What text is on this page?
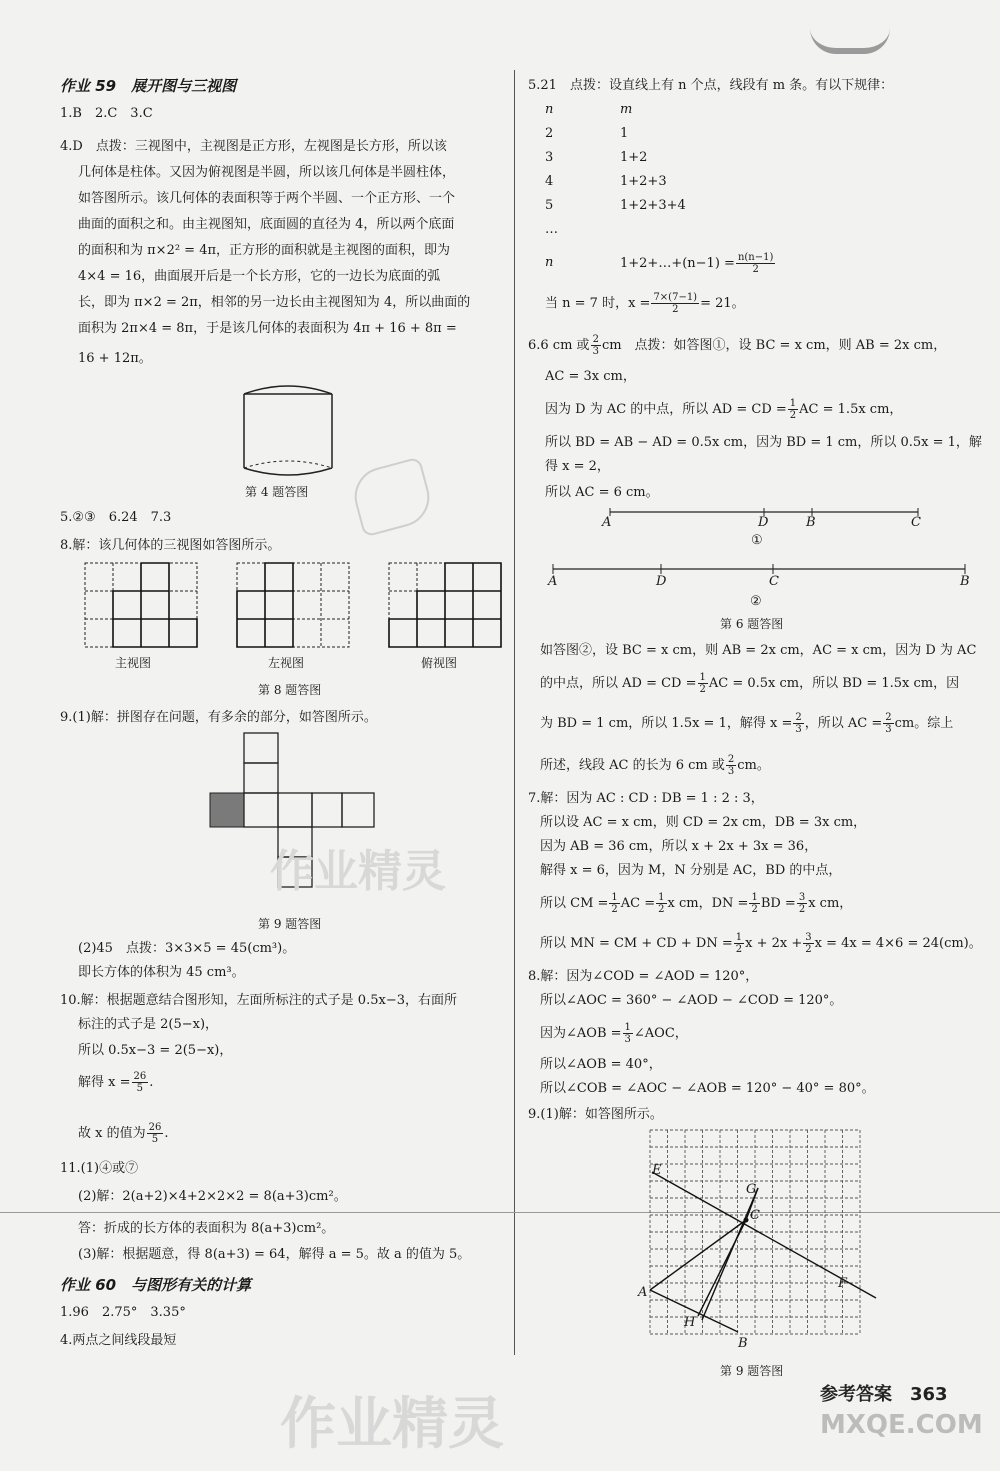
作业 59　展开图与三视图
1.B　2.C　3.C
4.D　点拨：三视图中，主视图是正方形，左视图是长方形，所以该
几何体是柱体。又因为俯视图是半圆，所以该几何体是半圆柱体，
如答图所示。该几何体的表面积等于两个半圆、一个正方形、一个
曲面的面积之和。由主视图知，底面圆的直径为 4，所以两个底面
的面积和为 π×2² = 4π，正方形的面积就是主视图的面积，即为
4×4 = 16，曲面展开后是一个长方形，它的一边长为底面的弧
长，即为 π×2 = 2π，相邻的另一边长由主视图知为 4，所以曲面的
面积为 2π×4 = 8π，于是该几何体的表面积为 4π + 16 + 8π =
16 + 12π。
第 4 题答图
5.②③　6.24　7.3
8.解：该几何体的三视图如答图所示。
主视图	左视图	俯视图
第 8 题答图
9.(1)解：拼图存在问题，有多余的部分，如答图所示。
作业精灵
第 9 题答图
(2)45　点拨：3×3×5 = 45(cm³)。
即长方体的体积为 45 cm³。
10.解：根据题意结合图形知，左面所标注的式子是 0.5x−3，右面所
标注的式子是 2(5−x)，
所以 0.5x−3 = 2(5−x)，
解得 $x = \frac{26}{5}$ .
故 x 的值为 $\frac{26}{5}$ .
11.(1)④或⑦
(2)解：2(a+2)×4+2×2×2 = 8(a+3)cm²。
答：折成的长方体的表面积为 8(a+3)cm²。
(3)解：根据题意，得 8(a+3) = 64，解得 a = 5。故 a 的值为 5。
作业 60　与图形有关的计算
1.96　2.75°　3.35°
4.两点之间线段最短
作业精灵
5.21　点拨：设直线上有 n 个点，线段有 m 条。有以下规律：
n	m
2	1
3	1+2
4	1+2+3
5	1+2+3+4
…
n	1+2+…+(n−1) = $\frac{n(n-1)}{2}$
当 n = 7 时，$x = \frac{7\times(7-1)}{2} = 21$。
6.6 cm 或 $\frac{2}{3}$ cm　点拨：如答图①，设 BC = x cm，则 AB = 2x cm，
AC = 3x cm，
因为 D 为 AC 的中点，所以 AD = CD = $\frac{1}{2}$ AC = 1.5x cm，
所以 BD = AB − AD = 0.5x cm，因为 BD = 1 cm，所以 0.5x = 1，解
得 x = 2，
所以 AC = 6 cm。
A	D	B	C
①
A	D	C	B
②
第 6 题答图
如答图②，设 BC = x cm，则 AB = 2x cm，AC = x cm，因为 D 为 AC
的中点，所以 AD = CD = $\frac{1}{2}$ AC = 0.5x cm，所以 BD = 1.5x cm，因
为 BD = 1 cm，所以 1.5x = 1，解得 $x = \frac{2}{3}$ ，所以 AC = $\frac{2}{3}$ cm。综上
所述，线段 AC 的长为 6 cm 或 $\frac{2}{3}$ cm。
7.解：因为 AC : CD : DB = 1 : 2 : 3，
所以设 AC = x cm，则 CD = 2x cm，DB = 3x cm，
因为 AB = 36 cm，所以 x + 2x + 3x = 36，
解得 x = 6，因为 M，N 分别是 AC，BD 的中点，
所以 CM = $\frac{1}{2}$ AC = $\frac{1}{2}$ x cm，DN = $\frac{1}{2}$ BD = $\frac{3}{2}$ x cm，
所以 MN = CM + CD + DN = $\frac{1}{2}$ $x + 2x + \frac{3}{2}$ x = 4x = 4×6 = 24(cm)。
8.解：因为∠COD = ∠AOD = 120°，
所以∠AOC = 360° − ∠AOD − ∠COD = 120°。
因为∠AOB = $\frac{1}{3}$ ∠AOC，
所以∠AOB = 40°，
所以∠COB = ∠AOC − ∠AOB = 120° − 40° = 80°。
9.(1)解：如答图所示。
E
G
C
F
A
H
B
第 9 题答图
参考答案　363
MXQE.COM
